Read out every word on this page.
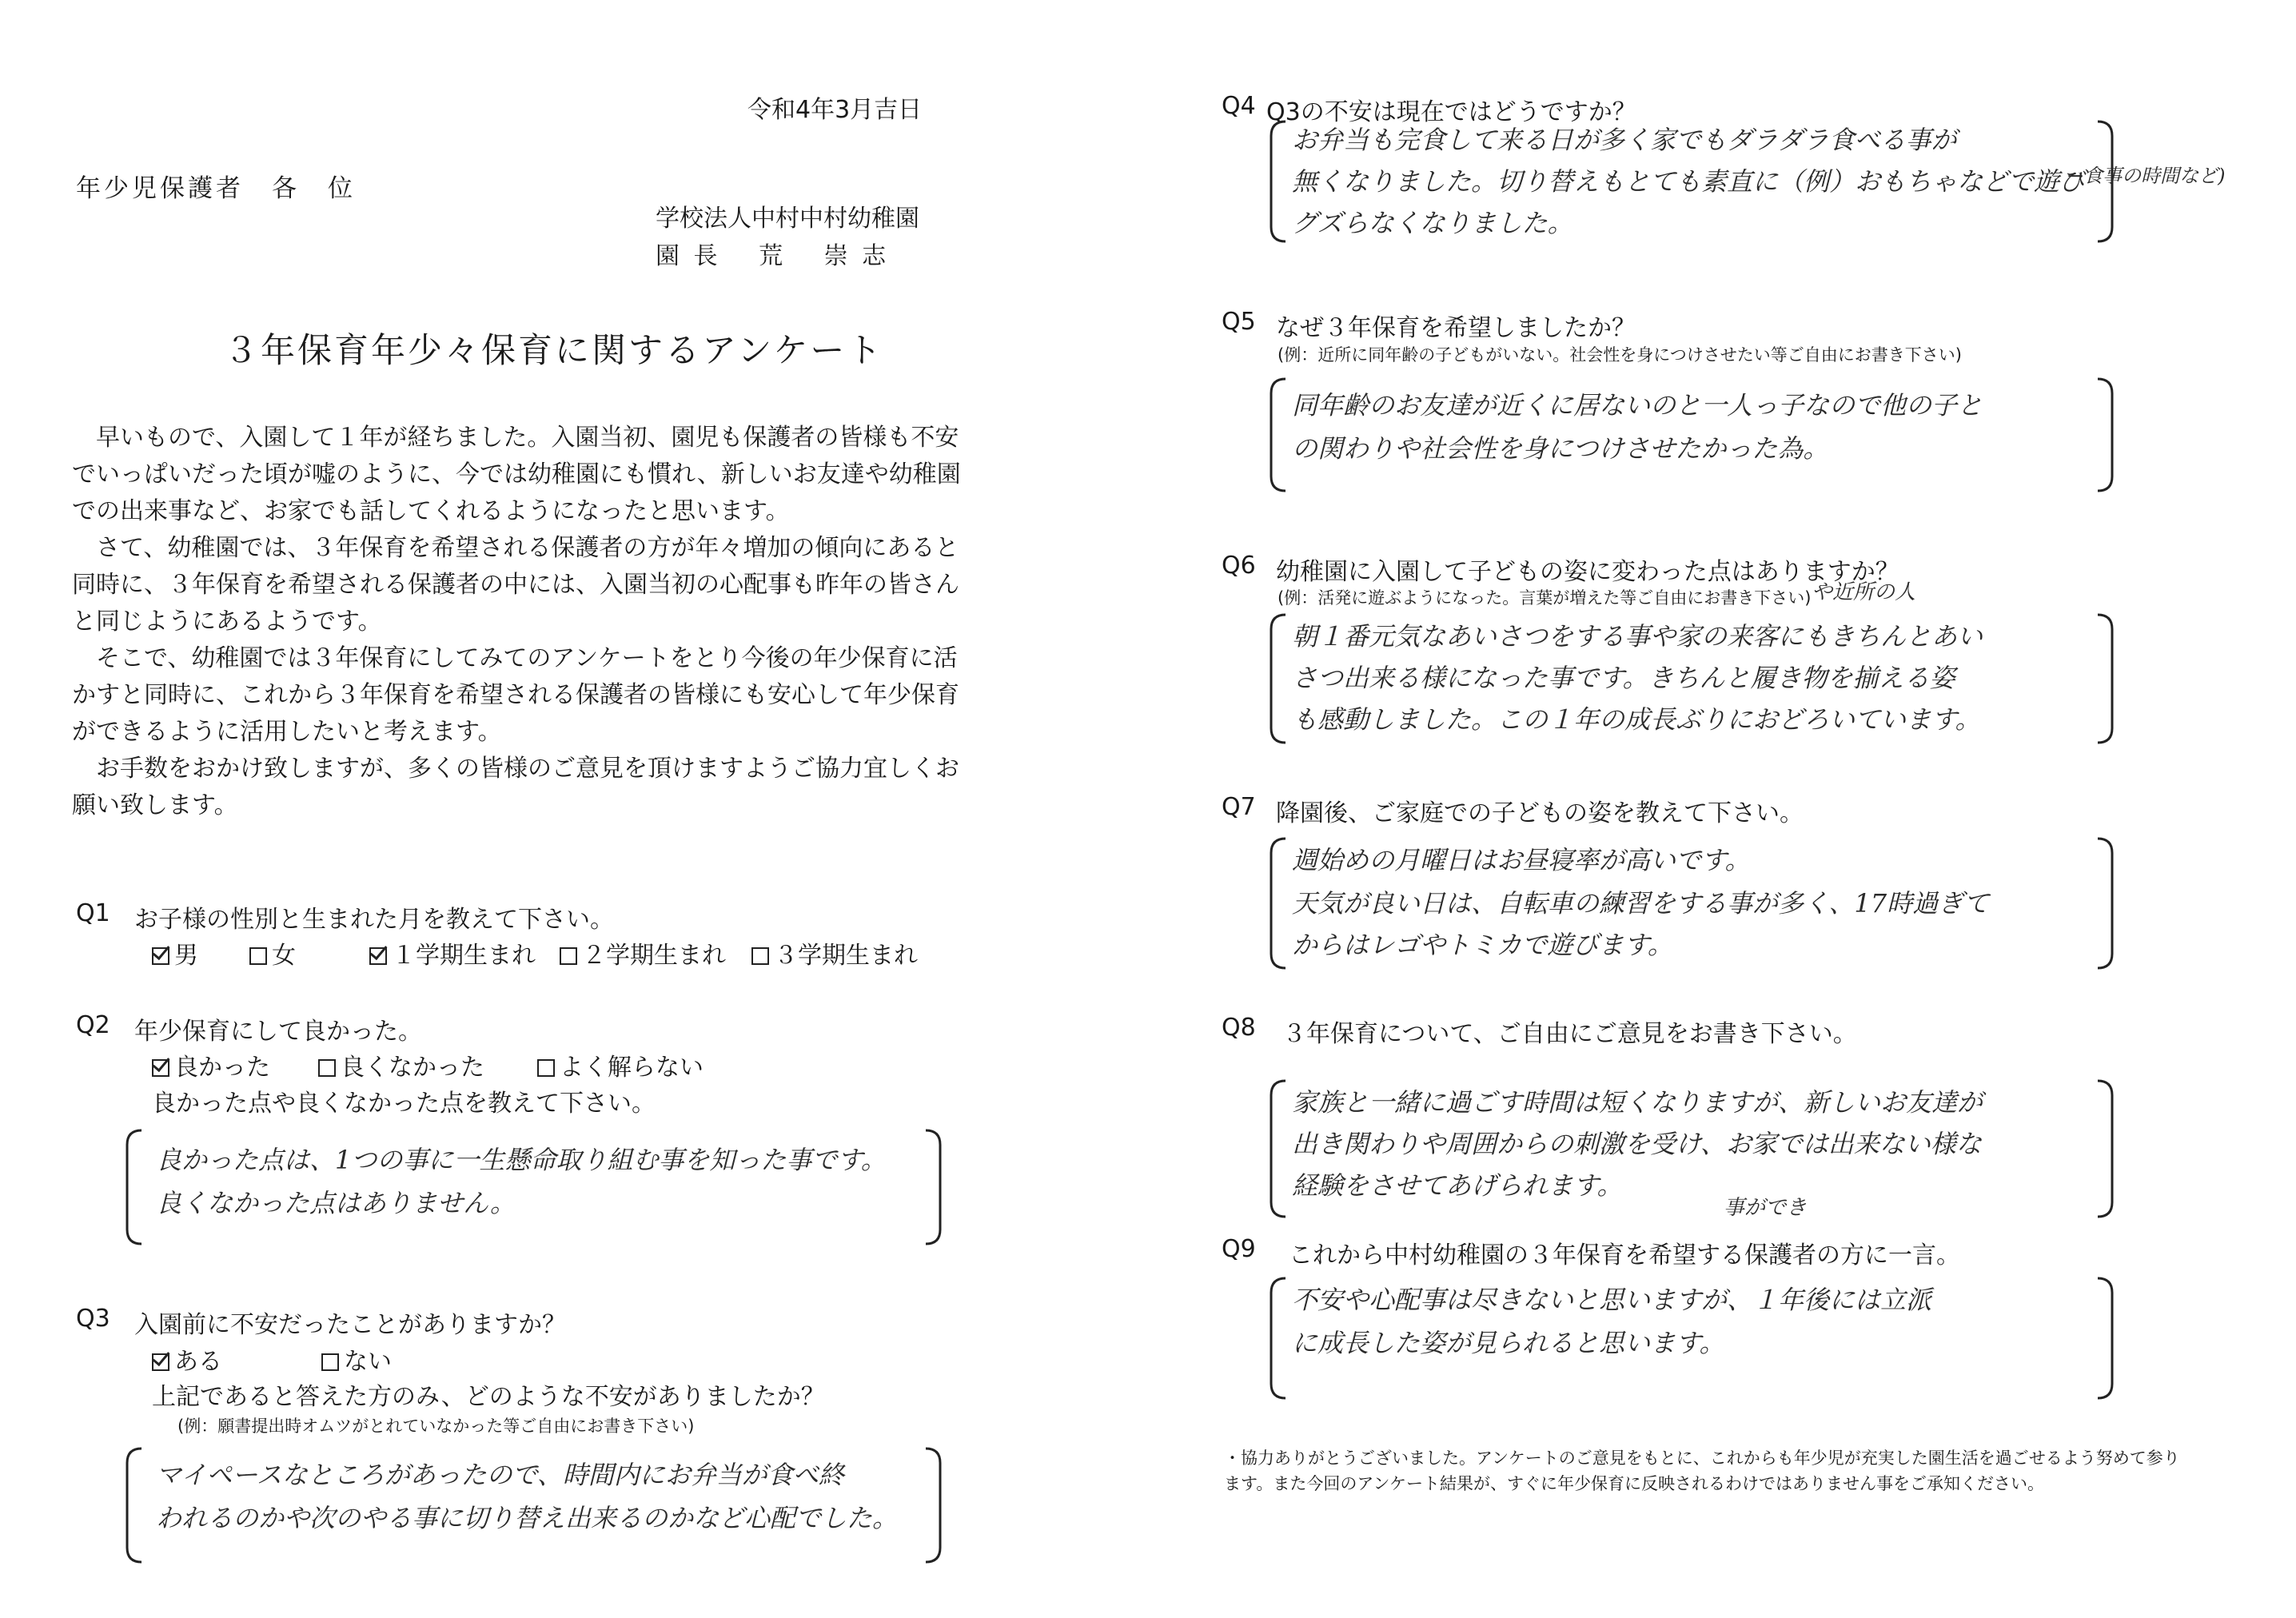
令和4年3月吉日
年少児保護者　各　位
学校法人中村中村幼稚園
園 長　 荒　 崇 志
３年保育年少々保育に関するアンケート

早いもので、入園して１年が経ちました。入園当初、園児も保護者の皆様も不安でいっぱいだった頃が嘘のように、今では幼稚園にも慣れ、新しいお友達や幼稚園での出来事など、お家でも話してくれるようになったと思います。

さて、幼稚園では、３年保育を希望される保護者の方が年々増加の傾向にあると同時に、３年保育を希望される保護者の中には、入園当初の心配事も昨年の皆さんと同じようにあるようです。

そこで、幼稚園では３年保育にしてみてのアンケートをとり今後の年少保育に活かすと同時に、これから３年保育を希望される保護者の皆様にも安心して年少保育ができるように活用したいと考えます。

お手数をおかけ致しますが、多くの皆様のご意見を頂けますようご協力宜しくお願い致します。

Q1 お子様の性別と生まれた月を教えて下さい。
男	女	１学期生まれ	２学期生まれ	３学期生まれ
Q2 年少保育にして良かった。
良かった	良くなかった	よく解らない
良かった点や良くなかった点を教えて下さい。
良かった点は、1つの事に一生懸命取り組む事を知った事です。
良くなかった点はありません。
Q3 入園前に不安だったことがありますか？
ある	ない
上記であると答えた方のみ、どのような不安がありましたか？
(例：願書提出時オムツがとれていなかった等ご自由にお書き下さい)
マイペースなところがあったので、時間内にお弁当が食べ終
われるのかや次のやる事に切り替え出来るのかなど心配でした。
Q4 Q3の不安は現在ではどうですか？
お弁当も完食して来る日が多く家でもダラダラ食べる事が
無くなりました。切り替えもとても素直に（例）おもちゃなどで遊び
グズらなくなりました。
→食事の時間など)
Q5 なぜ３年保育を希望しましたか？
(例：近所に同年齢の子どもがいない。社会性を身につけさせたい等ご自由にお書き下さい)
同年齢のお友達が近くに居ないのと一人っ子なので他の子と
の関わりや社会性を身につけさせたかった為。
Q6 幼稚園に入園して子どもの姿に変わった点はありますか？
(例：活発に遊ぶようになった。言葉が増えた等ご自由にお書き下さい) や近所の人
朝１番元気なあいさつをする事や家の来客にもきちんとあい
さつ出来る様になった事です。きちんと履き物を揃える姿
も感動しました。この１年の成長ぶりにおどろいています。
Q7 降園後、ご家庭での子どもの姿を教えて下さい。
週始めの月曜日はお昼寝率が高いです。
天気が良い日は、自転車の練習をする事が多く、17時過ぎて
からはレゴやトミカで遊びます。
Q8 ３年保育について、ご自由にご意見をお書き下さい。
家族と一緒に過ごす時間は短くなりますが、新しいお友達が
出き関わりや周囲からの刺激を受け、お家では出来ない様な
経験をさせてあげられます。
事ができ
Q9 これから中村幼稚園の３年保育を希望する保護者の方に一言。
不安や心配事は尽きないと思いますが、１年後には立派
に成長した姿が見られると思います。
・協力ありがとうございました。アンケートのご意見をもとに、これからも年少児が充実した園生活を過ごせるよう努めて参り
ます。また今回のアンケート結果が、すぐに年少保育に反映されるわけではありません事をご承知ください。
